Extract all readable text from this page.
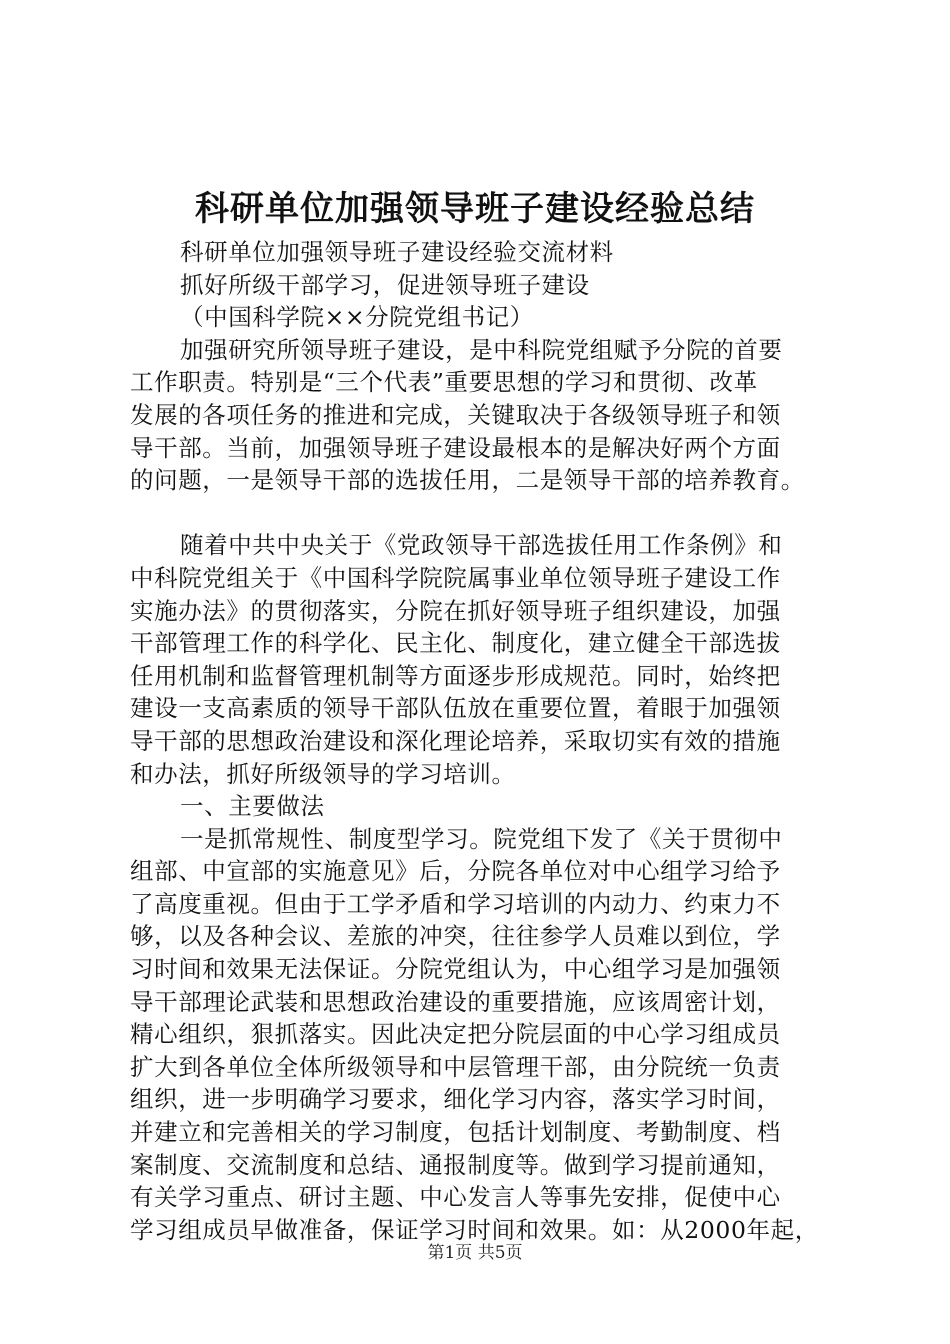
科研单位加强领导班子建设经验总结
科研单位加强领导班子建设经验交流材料
抓好所级干部学习，促进领导班子建设
（中国科学院××分院党组书记）
加强研究所领导班子建设，是中科院党组赋予分院的首要
工作职责。特别是“三个代表”重要思想的学习和贯彻、改革
发展的各项任务的推进和完成，关键取决于各级领导班子和领
导干部。当前，加强领导班子建设最根本的是解决好两个方面
的问题，一是领导干部的选拔任用，二是领导干部的培养教育。
随着中共中央关于《党政领导干部选拔任用工作条例》和
中科院党组关于《中国科学院院属事业单位领导班子建设工作
实施办法》的贯彻落实，分院在抓好领导班子组织建设，加强
干部管理工作的科学化、民主化、制度化，建立健全干部选拔
任用机制和监督管理机制等方面逐步形成规范。同时，始终把
建设一支高素质的领导干部队伍放在重要位置，着眼于加强领
导干部的思想政治建设和深化理论培养，采取切实有效的措施
和办法，抓好所级领导的学习培训。
一、主要做法
一是抓常规性、制度型学习。院党组下发了《关于贯彻中
组部、中宣部的实施意见》后，分院各单位对中心组学习给予
了高度重视。但由于工学矛盾和学习培训的内动力、约束力不
够，以及各种会议、差旅的冲突，往往参学人员难以到位，学
习时间和效果无法保证。分院党组认为，中心组学习是加强领
导干部理论武装和思想政治建设的重要措施，应该周密计划，
精心组织，狠抓落实。因此决定把分院层面的中心学习组成员
扩大到各单位全体所级领导和中层管理干部，由分院统一负责
组织，进一步明确学习要求，细化学习内容，落实学习时间，
并建立和完善相关的学习制度，包括计划制度、考勤制度、档
案制度、交流制度和总结、通报制度等。做到学习提前通知，
有关学习重点、研讨主题、中心发言人等事先安排，促使中心
学习组成员早做准备，保证学习时间和效果。如：从2000年起，
第1页 共5页
